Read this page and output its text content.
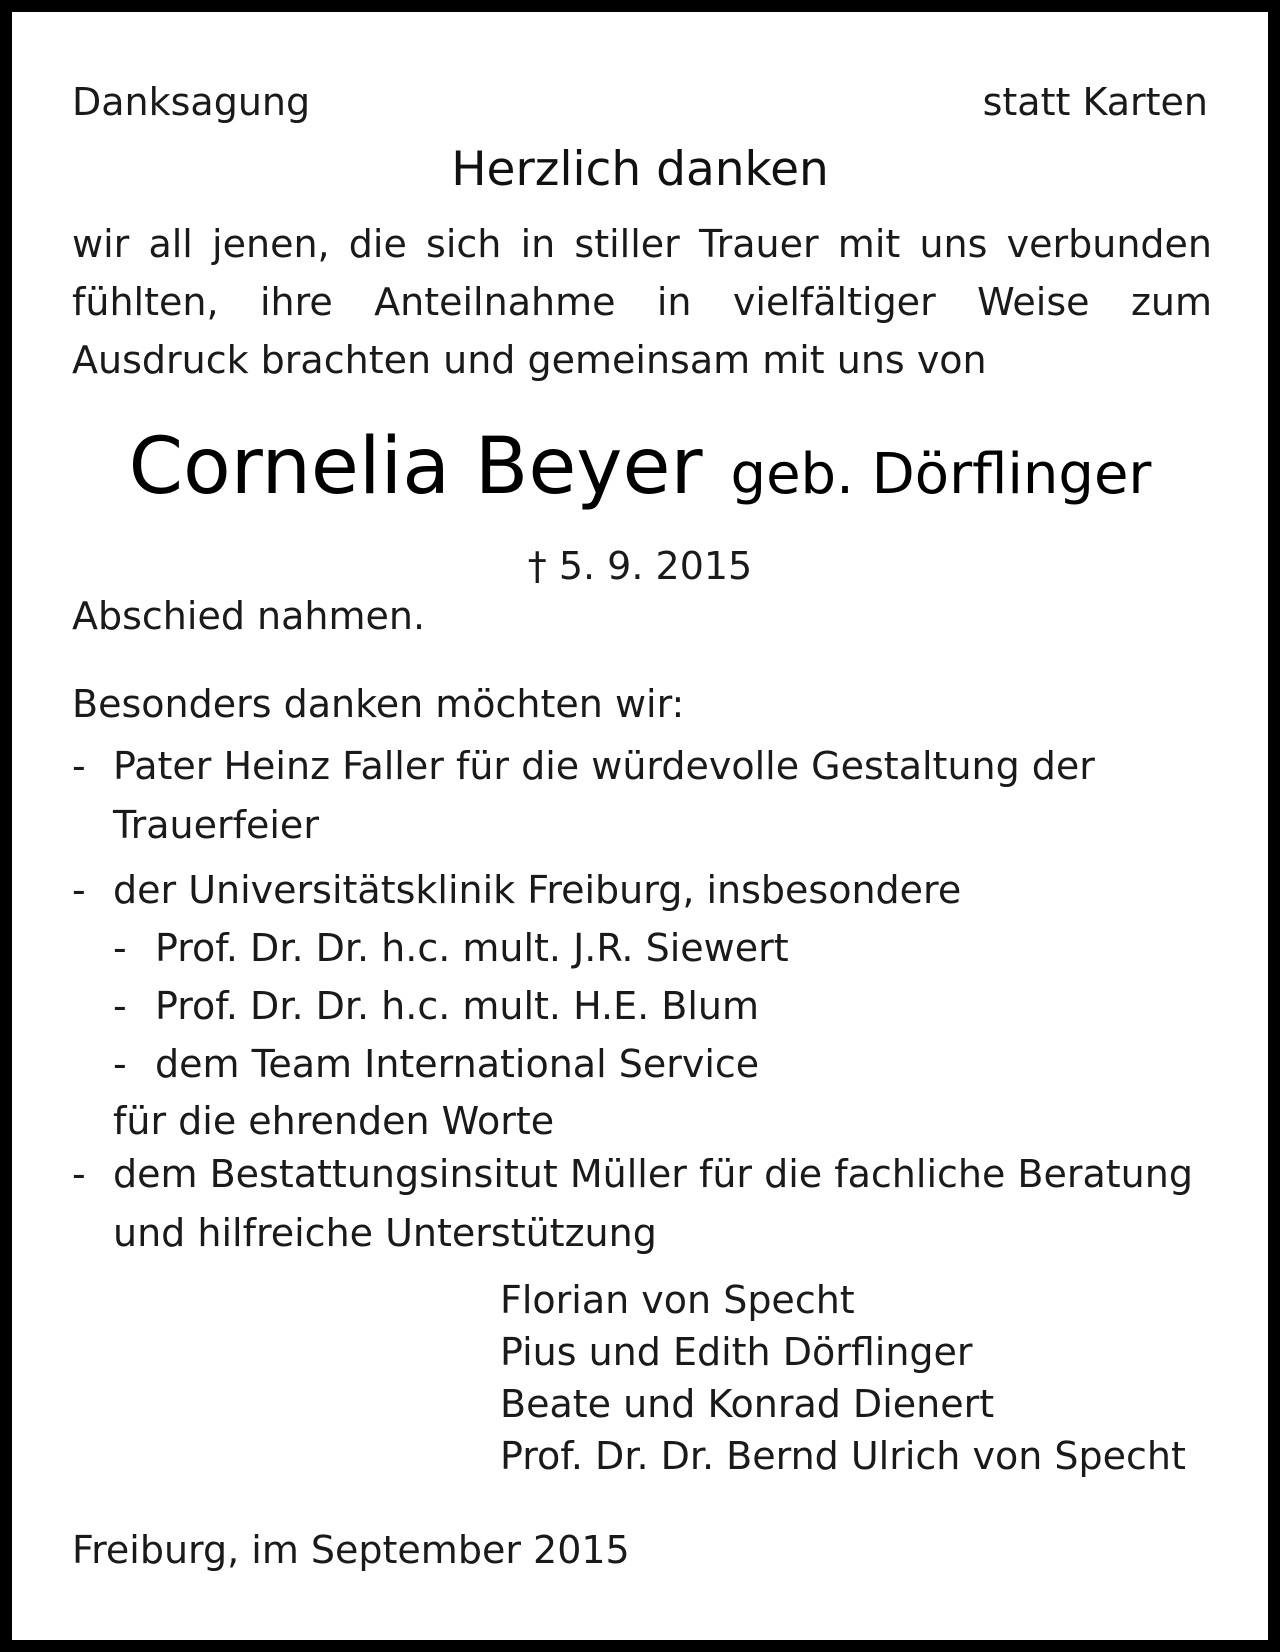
Danksagung	statt Karten
Herzlich danken

wir all jenen, die sich in stiller Trauer mit uns verbunden
fühlten, ihre Anteilnahme in vielfältiger Weise zum
Ausdruck brachten und gemeinsam mit uns von

Cornelia Beyer geb. Dörflinger
† 5. 9. 2015
Abschied nahmen.
Besonders danken möchten wir:
- Pater Heinz Faller für die würdevolle Gestaltung der
Trauerfeier
- der Universitätsklinik Freiburg, insbesondere
- Prof. Dr. Dr. h.c. mult. J.R. Siewert
- Prof. Dr. Dr. h.c. mult. H.E. Blum
- dem Team International Service
für die ehrenden Worte
- dem Bestattungsinsitut Müller für die fachliche Beratung
und hilfreiche Unterstützung
Florian von Specht
Pius und Edith Dörflinger
Beate und Konrad Dienert
Prof. Dr. Dr. Bernd Ulrich von Specht
Freiburg, im September 2015
